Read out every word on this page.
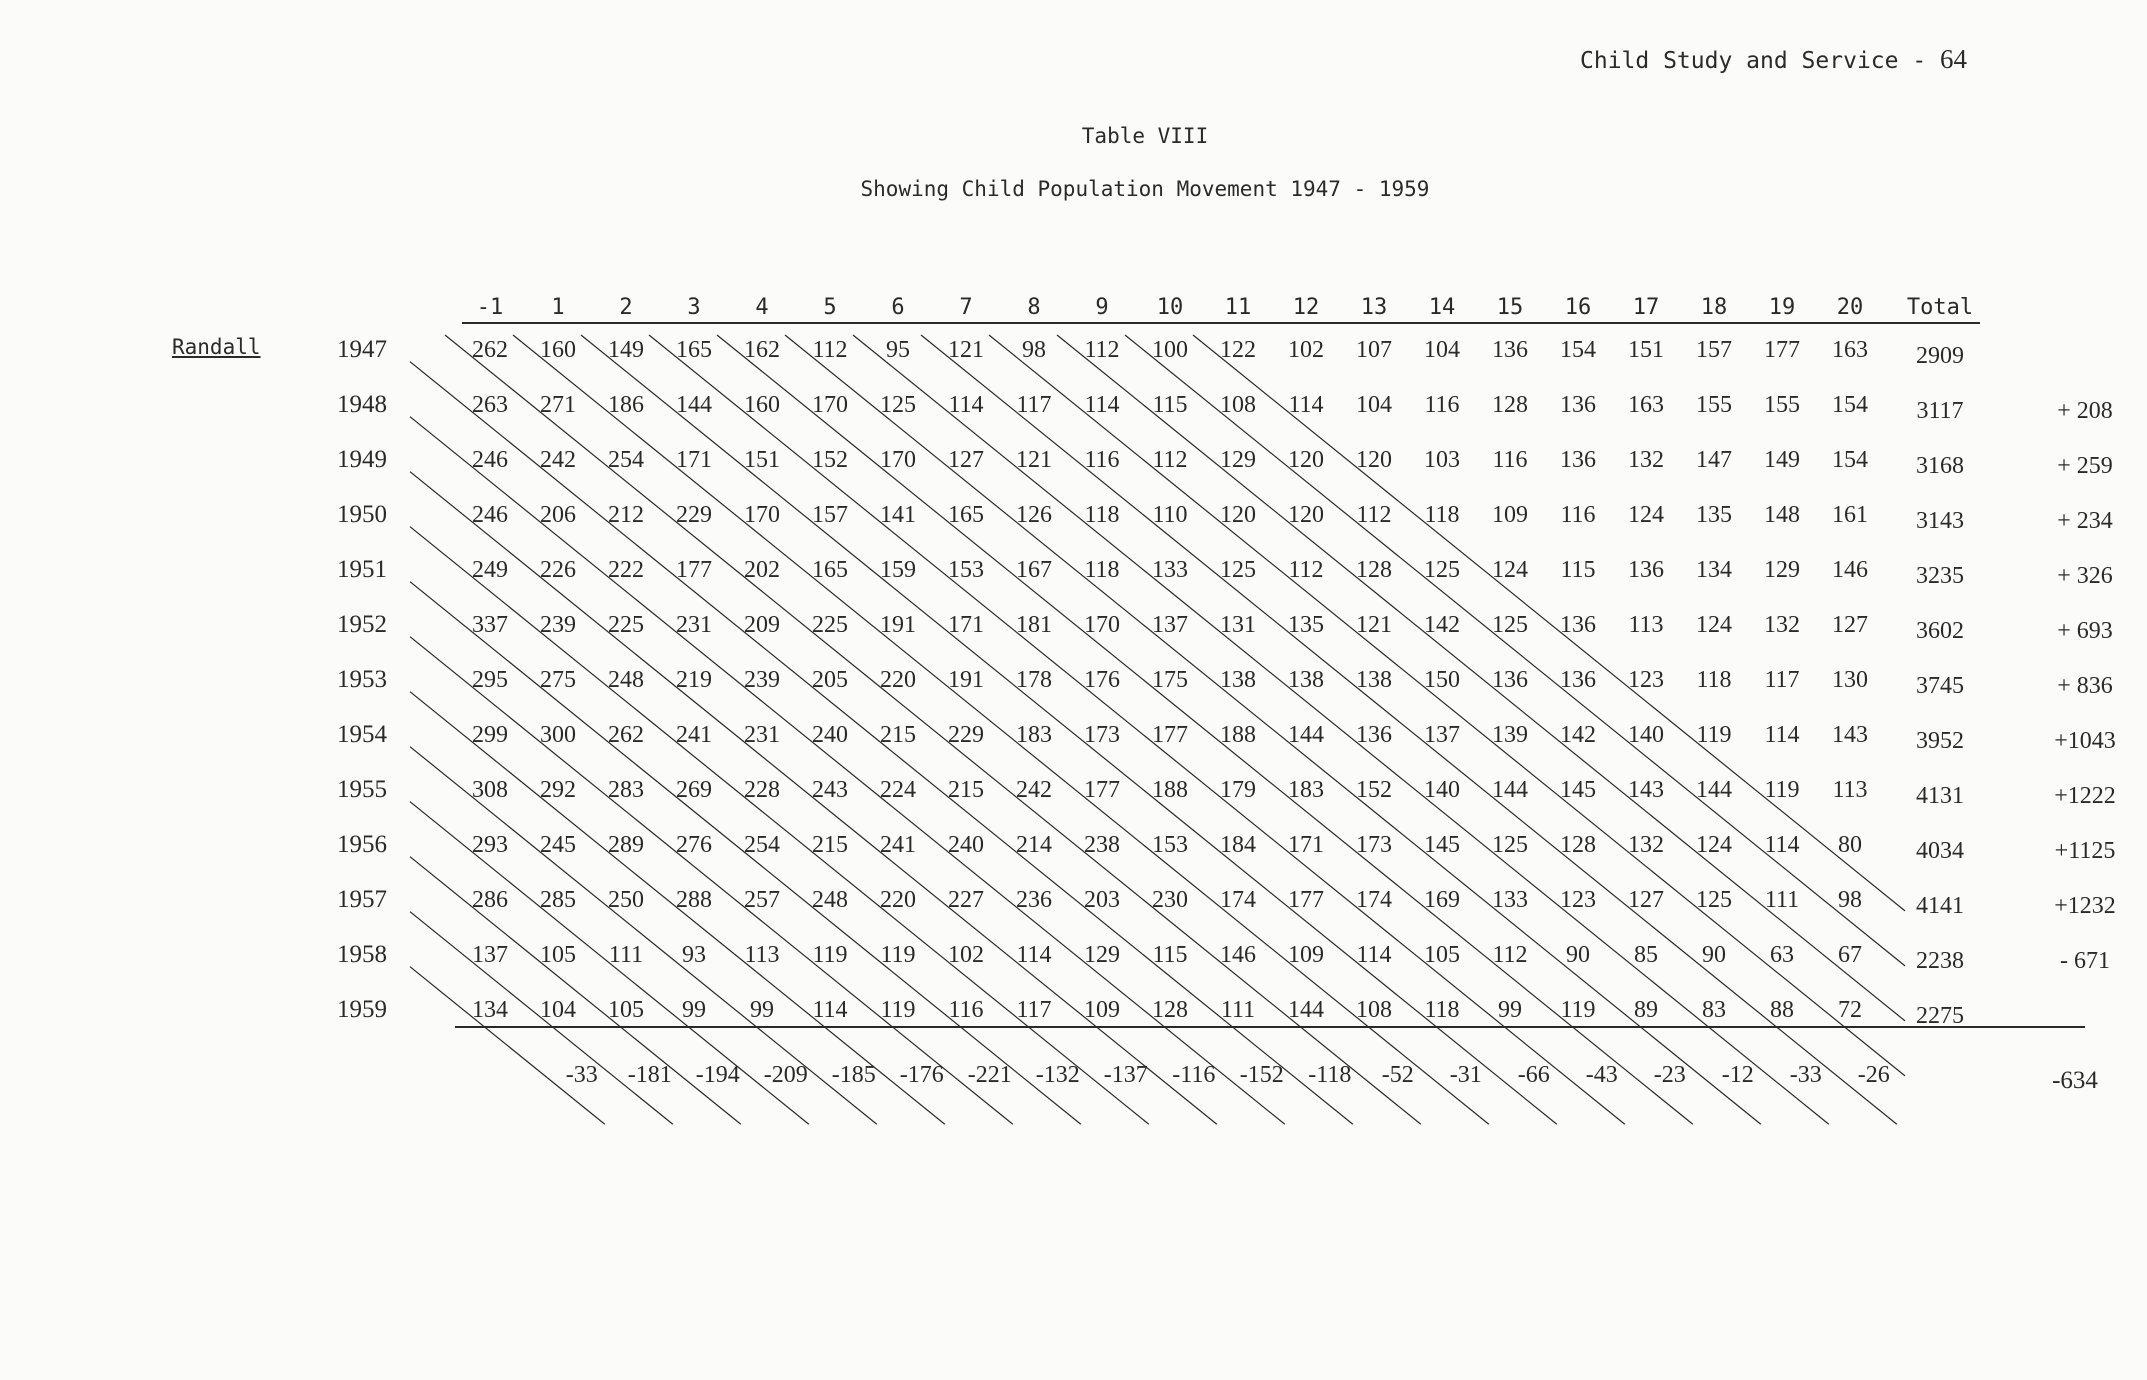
Child Study and Service - 64
Table VIII
Showing Child Population Movement 1947 - 1959
Randall
-1 1 2 3 4 5 6 7 8 9 10 11 12 13 14 15 16 17 18 19 20 Total
1947	262 160 149 165 162 112 95 121 98 112 100 122 102 107 104 136 154 151 157 177 163 2909
1948	263 271 186 144 160 170 125 114 117 114 115 108 114 104 116 128 136 163 155 155 154 3117	+ 208
1949	246 242 254 171 151 152 170 127 121 116 112 129 120 120 103 116 136 132 147 149 154 3168	+ 259
1950	246 206 212 229 170 157 141 165 126 118 110 120 120 112 118 109 116 124 135 148 161 3143	+ 234
1951	249 226 222 177 202 165 159 153 167 118 133 125 112 128 125 124 115 136 134 129 146 3235	+ 326
1952	337 239 225 231 209 225 191 171 181 170 137 131 135 121 142 125 136 113 124 132 127 3602	+ 693
1953	295 275 248 219 239 205 220 191 178 176 175 138 138 138 150 136 136 123 118 117 130 3745	+ 836
1954	299 300 262 241 231 240 215 229 183 173 177 188 144 136 137 139 142 140 119 114 143 3952	+1043
1955	308 292 283 269 228 243 224 215 242 177 188 179 183 152 140 144 145 143 144 119 113 4131	+1222
1956	293 245 289 276 254 215 241 240 214 238 153 184 171 173 145 125 128 132 124 114 80 4034	+1125
1957	286 285 250 288 257 248 220 227 236 203 230 174 177 174 169 133 123 127 125 111 98 4141	+1232
1958	137 105 111 93 113 119 119 102 114 129 115 146 109 114 105 112 90 85 90 63 67 2238	- 671
1959	134 104 105 99 99 114 119 116 117 109 128 111 144 108 118 99 119 89 83 88 72 2275
-33 -181 -194 -209 -185 -176 -221 -132 -137 -116 -152 -118 -52 -31 -66 -43 -23 -12 -33 -26	-634
